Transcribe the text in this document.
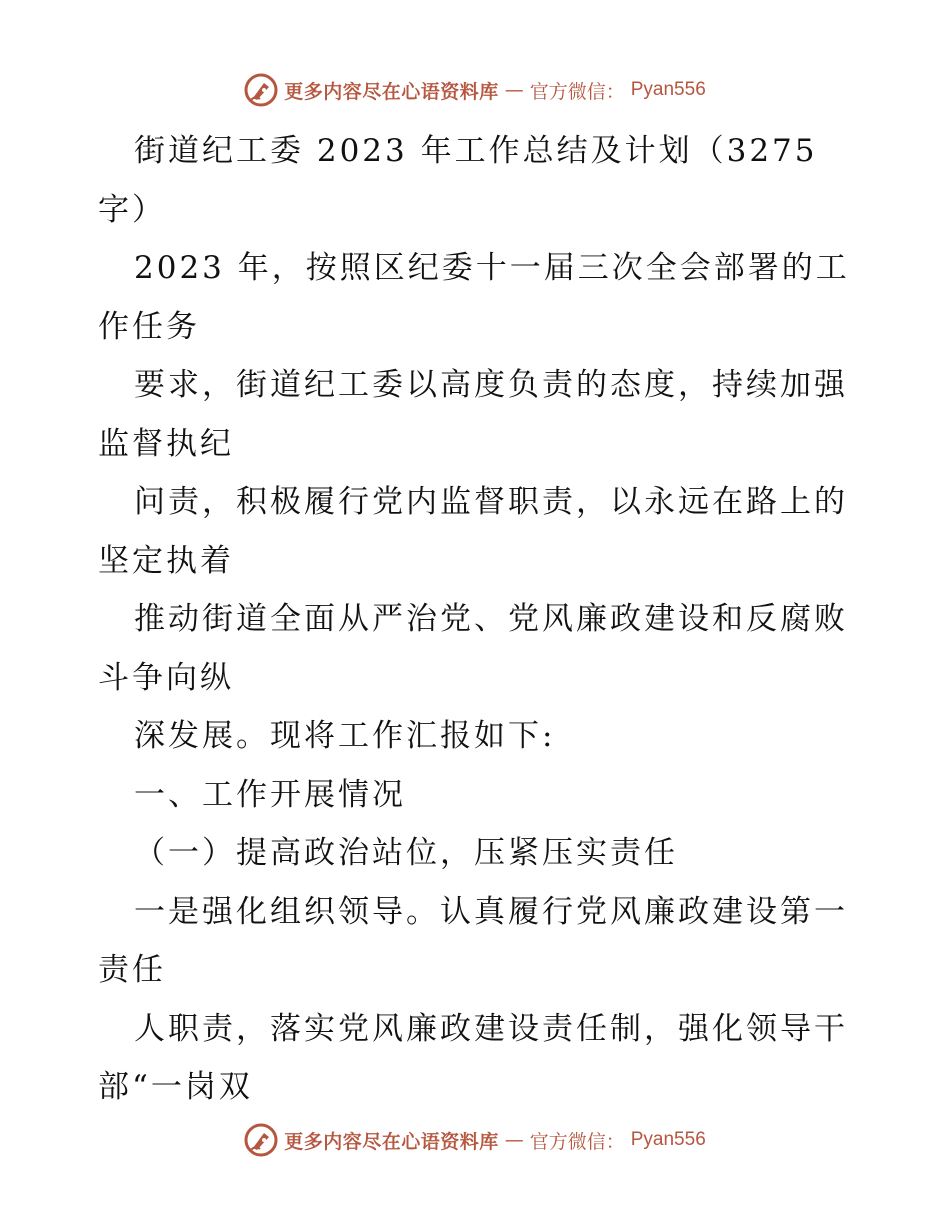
更多内容尽在心语资料库 — 官方微信： Pyan556
街道纪工委 2023 年工作总结及计划（3275
字）
2023 年，按照区纪委十一届三次全会部署的工
作任务
要求，街道纪工委以高度负责的态度，持续加强
监督执纪
问责，积极履行党内监督职责，以永远在路上的
坚定执着
推动街道全面从严治党、党风廉政建设和反腐败
斗争向纵
深发展。现将工作汇报如下:
一、工作开展情况
（一）提高政治站位，压紧压实责任
一是强化组织领导。认真履行党风廉政建设第一
责任
人职责，落实党风廉政建设责任制，强化领导干
部“一岗双
更多内容尽在心语资料库 — 官方微信： Pyan556
